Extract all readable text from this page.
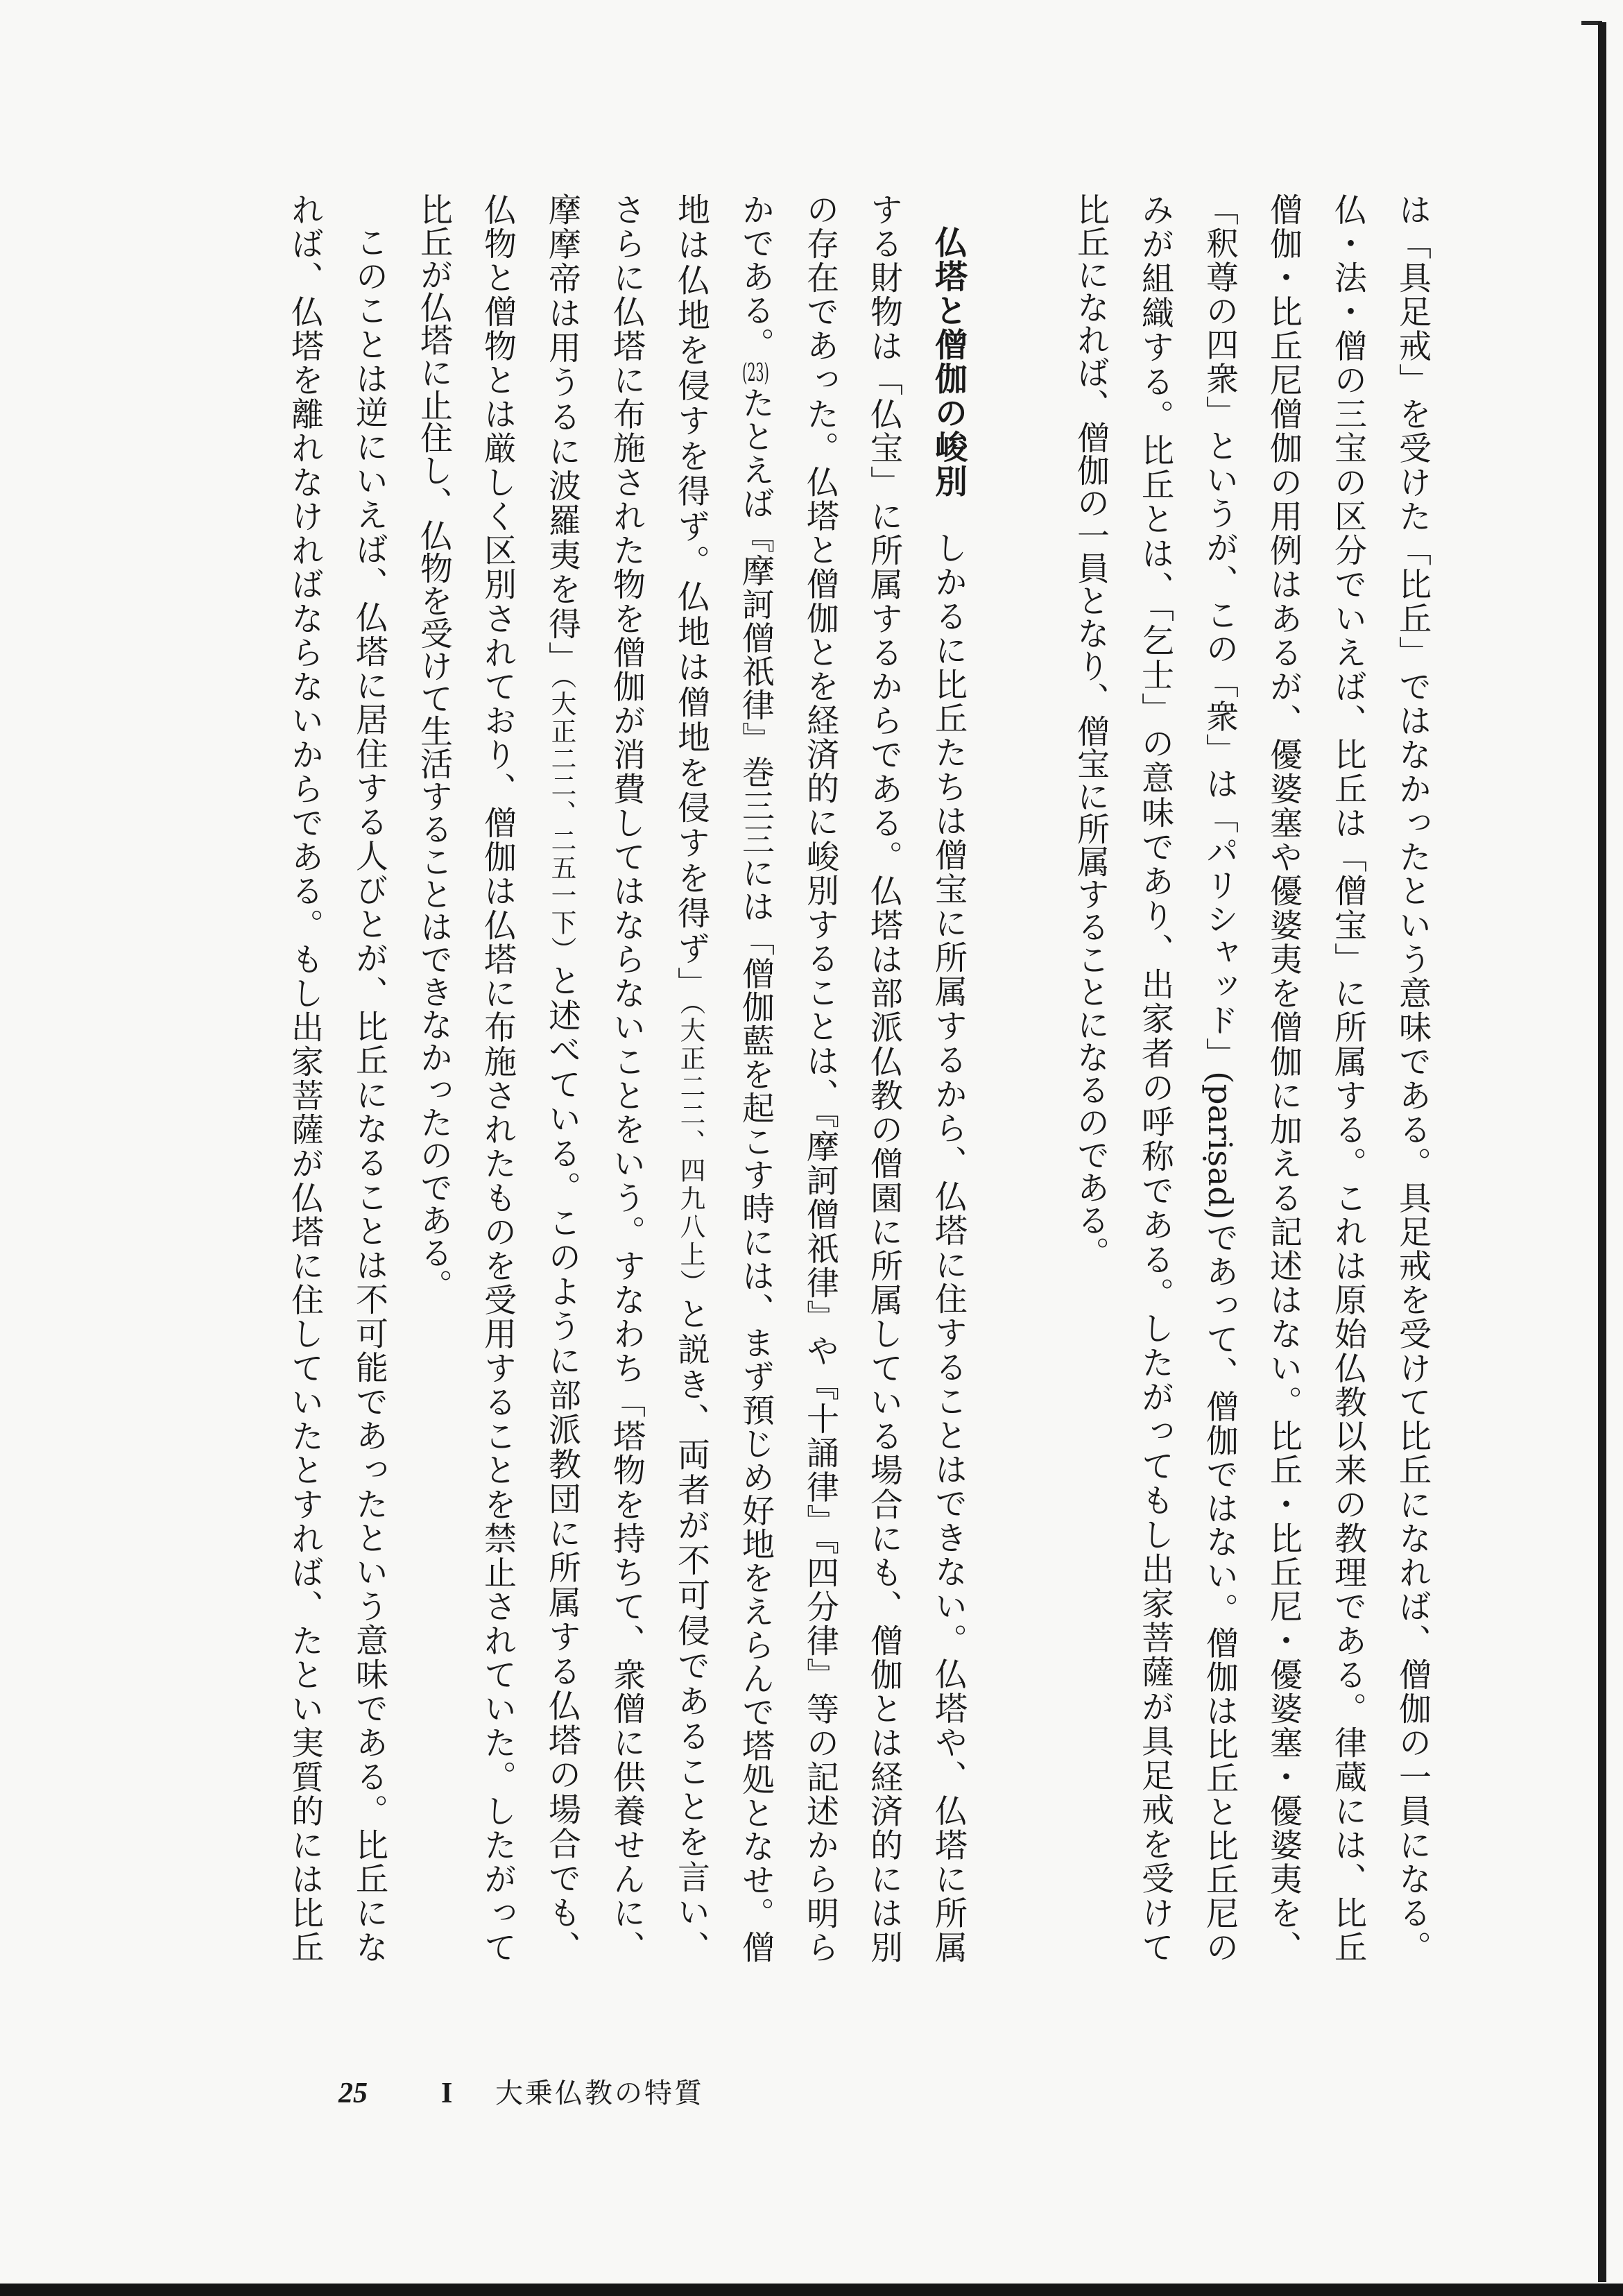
は「具足戒」を受けた「比丘」ではなかったという意味である。具足戒を受けて比丘になれば、僧伽の一員になる。
仏・法・僧の三宝の区分でいえば、比丘は「僧宝」に所属する。これは原始仏教以来の教理である。律蔵には、比丘
僧伽・比丘尼僧伽の用例はあるが、優婆塞や優婆夷を僧伽に加える記述はない。比丘・比丘尼・優婆塞・優婆夷を、
「釈尊の四衆」というが、この「衆」は「パリシャッド」(pariṣad)であって、僧伽ではない。僧伽は比丘と比丘尼の
みが組織する。比丘とは、「乞士」の意味であり、出家者の呼称である。したがってもし出家菩薩が具足戒を受けて
比丘になれば、僧伽の一員となり、僧宝に所属することになるのである。
仏塔と僧伽の峻別しかるに比丘たちは僧宝に所属するから、仏塔に住することはできない。仏塔や、仏塔に所属
する財物は「仏宝」に所属するからである。仏塔は部派仏教の僧園に所属している場合にも、僧伽とは経済的には別
の存在であった。仏塔と僧伽とを経済的に峻別することは、『摩訶僧祇律』や『十誦律』『四分律』等の記述から明ら
かである。(23)たとえば『摩訶僧祇律』巻三三には「僧伽藍を起こす時には、まず預じめ好地をえらんで塔処となせ。僧
地は仏地を侵すを得ず。仏地は僧地を侵すを得ず」（大正二二、四九八上）と説き、両者が不可侵であることを言い、
さらに仏塔に布施された物を僧伽が消費してはならないことをいう。すなわち「塔物を持ちて、衆僧に供養せんに、
摩摩帝は用うるに波羅夷を得」（大正二二、二五一下）と述べている。このように部派教団に所属する仏塔の場合でも、
仏物と僧物とは厳しく区別されており、僧伽は仏塔に布施されたものを受用することを禁止されていた。したがって
比丘が仏塔に止住し、仏物を受けて生活することはできなかったのである。
このことは逆にいえば、仏塔に居住する人びとが、比丘になることは不可能であったという意味である。比丘にな
れば、仏塔を離れなければならないからである。もし出家菩薩が仏塔に住していたとすれば、たとい実質的には比丘
25	I 大乗仏教の特質
